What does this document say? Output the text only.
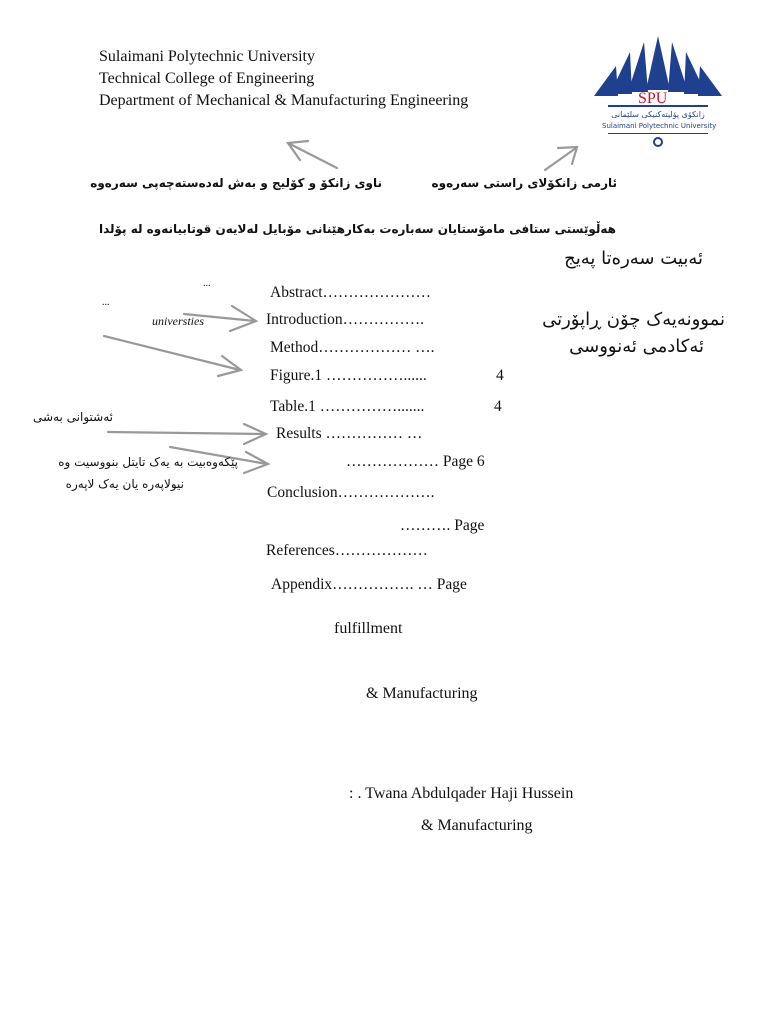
Sulaimani Polytechnic University
Technical College of Engineering
Department of Mechanical & Manufacturing Engineering	SPU
زانکۆی پۆلیتەکنیکی سلێمانی
Sulaimani Polytechnic University
ئارمی زانکۆلای راستی سەرەوە
ناوی زانکۆ و کۆلیج و بەش لەدەستەچەپی سەرەوە
هەڵوێستی ستافی مامۆستایان سەبارەت بەکارهێنانی مۆبایل لەلایەن قوتابیانەوە لە پۆلدا
ئەبیت سەرەتا پەیج
نموونەیەک چۆن ڕاپۆرتی
ئەکادمی ئەنووسی
ئەشتوانی بەشی
پێکەوەبیت بە یەک تایتل بنووسیت وە
نیولاپەرە یان یەک لاپەرە
...
...
universties
Abstract…………………
Introduction…………….
Method……………… ….
Figure.1 ……………......	4
Table.1 …………….......	4
Results …………… …
……………… Page 6
Conclusion……………….
………. Page
References………………
Appendix……………. … Page
fulfillment
& Manufacturing
: . Twana Abdulqader Haji Hussein
& Manufacturing
